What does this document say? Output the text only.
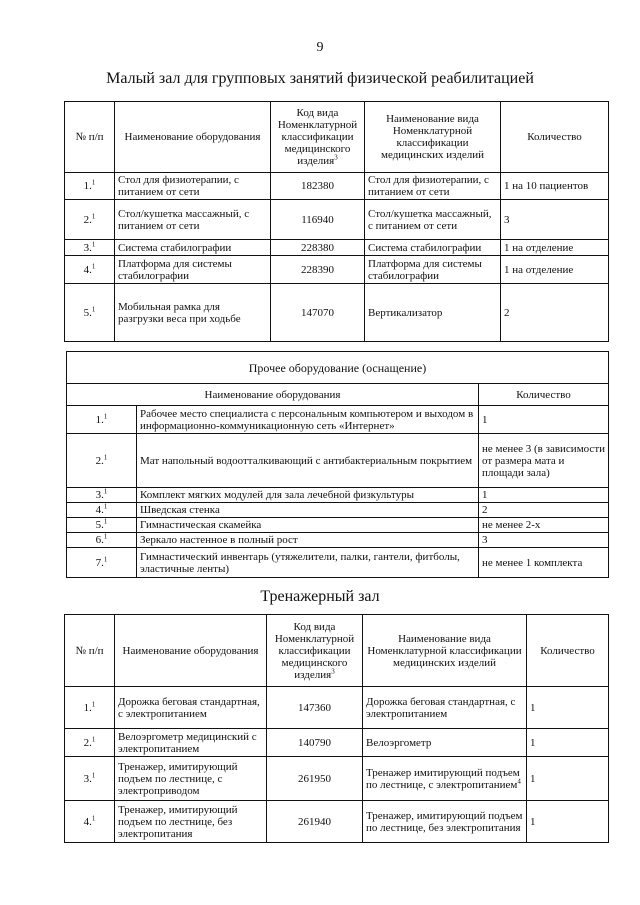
9
Малый зал для групповых занятий физической реабилитацией
№ п/п	Наименование оборудования	Код вида Номенклатурной классификации медицинского изделия$^3$	Наименование вида Номенклатурной классификации медицинских изделий	Количество
1.$^1$	Стол для физиотерапии, с питанием от сети	182380	Стол для физиотерапии, с питанием от сети	1 на 10 пациентов
2.$^1$	Стол/кушетка массажный, с питанием от сети	116940	Стол/кушетка массажный, с питанием от сети	3
3.$^1$	Система стабилографии	228380	Система стабилографии	1 на отделение
4.$^1$	Платформа для системы стабилографии	228390	Платформа для системы стабилографии	1 на отделение
5.$^1$	Мобильная рамка для разгрузки веса при ходьбе	147070	Вертикализатор	2
Прочее оборудование (оснащение)		
Наименование оборудования		Количество
1.$^1$	Рабочее место специалиста с персональным компьютером и выходом в информационно-коммуникационную сеть «Интернет»	1
2.$^1$	Мат напольный водоотталкивающий с антибактериальным покрытием	не менее 3 (в зависимости от размера мата и площади зала)
3.$^1$	Комплект мягких модулей для зала лечебной физкультуры	1
4.$^1$	Шведская стенка	2
5.$^1$	Гимнастическая скамейка	не менее 2-х
6.$^1$	Зеркало настенное в полный рост	3
7.$^1$	Гимнастический инвентарь (утяжелители, палки, гантели, фитболы, эластичные ленты)	не менее 1 комплекта
Тренажерный зал
№ п/п	Наименование оборудования	Код вида Номенклатурной классификации медицинского изделия$^3$	Наименование вида Номенклатурной классификации медицинских изделий	Количество
1.$^1$	Дорожка беговая стандартная, с электропитанием	147360	Дорожка беговая стандартная, с электропитанием	1
2.$^1$	Велоэргометр медицинский с электропитанием	140790	Велоэргометр	1
3.$^1$	Тренажер, имитирующий подъем по лестнице, с электроприводом	261950	Тренажер имитирующий подъем по лестнице, с электропитанием$^4$	1
4.$^1$	Тренажер, имитирующий подъем по лестнице, без электропитания	261940	Тренажер, имитирующий подъем по лестнице, без электропитания	1
